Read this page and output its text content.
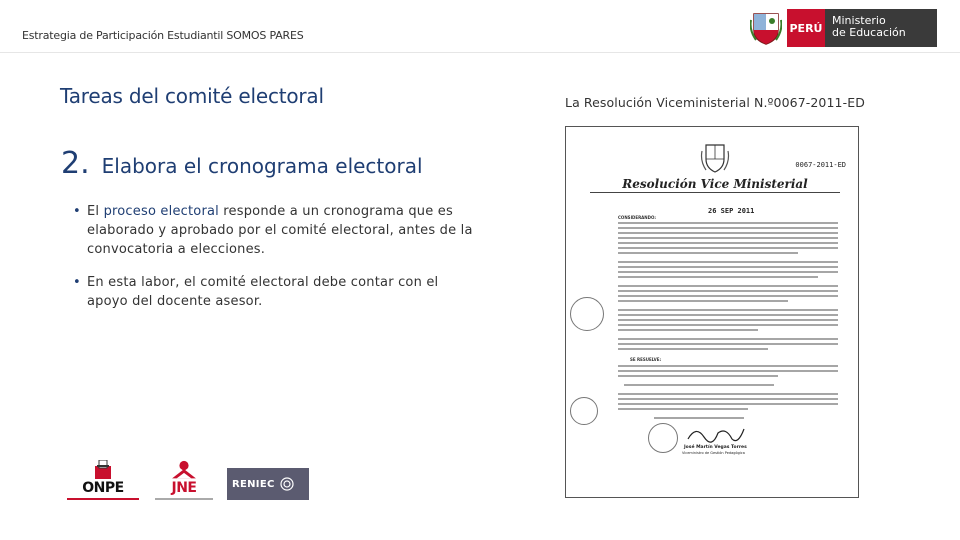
Estrategia de Participación Estudiantil SOMOS PARES
PERÚ
Ministerio
de Educación
Tareas del comité electoral
2. Elabora el cronograma electoral
• El proceso electoral responde a un cronograma que es elaborado y aprobado por el comité electoral, antes de la convocatoria a elecciones.
• En esta labor, el comité electoral debe contar con el apoyo del docente asesor.
ONPE	JNE	RENIEC
La Resolución Viceministerial N.º0067-2011-ED
0067-2011-ED
Resolución Vice Ministerial
26 SEP 2011
CONSIDERANDO:
SE RESUELVE:
José Martín Vegas Torres
Viceministro de Gestión Pedagógica
